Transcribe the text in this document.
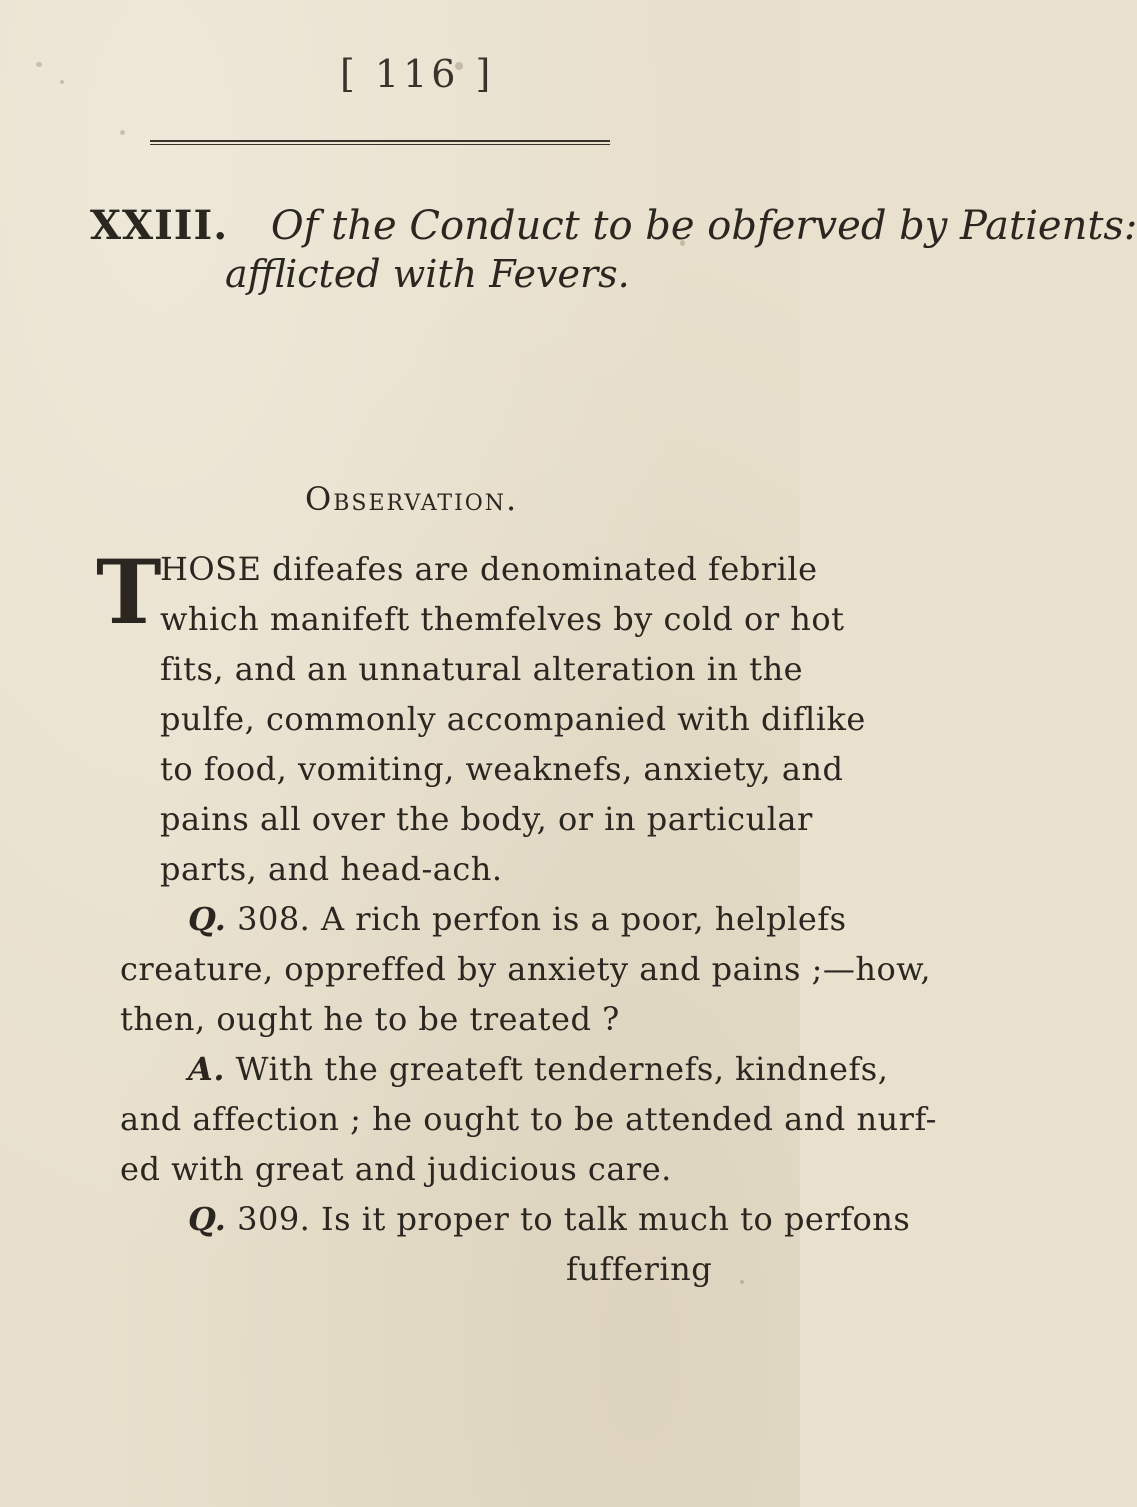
[ 116 ]
XXIII. Of the Conduct to be obferved by Patients:
afflicted with Fevers.
Observation.
T
HOSE difeafes are denominated febrile
which manifeft themfelves by cold or hot
fits, and an unnatural alteration in the
pulfe, commonly accompanied with diflike
to food, vomiting, weaknefs, anxiety, and
pains all over the body, or in particular
parts, and head-ach.
Q. 308. A rich perfon is a poor, helplefs
creature, oppreffed by anxiety and pains ;—how,
then, ought he to be treated ?
A. With the greateft tendernefs, kindnefs,
and affection ; he ought to be attended and nurf-
ed with great and judicious care.
Q. 309. Is it proper to talk much to perfons
fuffering
